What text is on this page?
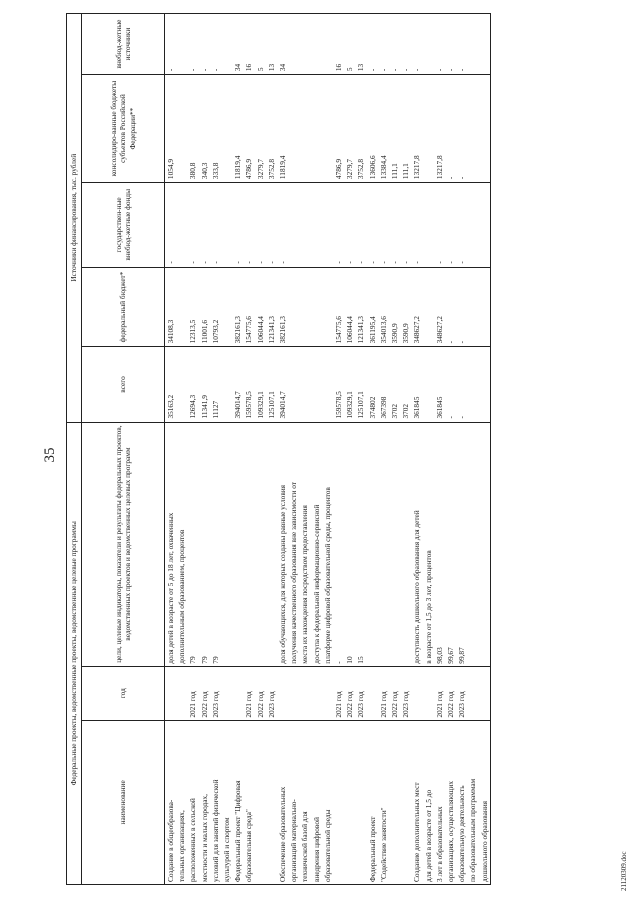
35
Федеральные проекты, ведомственные проекты, ведомственные целевые программы			Источники финансирования, тыс. рублей				
наименование	год	цели, целевые индикаторы, показатели и результаты федеральных проектов, ведомственных проектов и ведомственных целевых программ	всего	федеральный бюджет*	государствен-ные внебюд-жетные фонды	консолидиро-ванные бюджеты субъектов Российской Федерации**	внебюд-жетные источники
Создание в общеобразова-		доля детей в возрасте от 5 до 18 лет, охваченных	35163,2	34108,3	-	1054,9	-
тельных организациях,		дополнительным образованием, процентов					
расположенных в сельской	2021 год	79	12694,3	12313,5	-	380,8	-
местности и малых городах,	2022 год	79	11341,9	11001,6	-	340,3	-
условий для занятий физической	2023 год	79	11127	10793,2	-	333,8	-
культурой и спортом							
Федеральный проект "Цифровая			394014,7	382161,3	-	11819,4	34
образовательная среда"	2021 год		159578,5	154775,6	-	4786,9	16
	2022 год		109329,1	106044,4	-	3279,7	5
	2023 год		125107,1	121341,3	-	3752,8	13
Обеспечение образовательных		доля обучающихся, для которых созданы равные условия	394014,7	382161,3	-	11819,4	34
организаций материально-		получения качественного образования вне зависимости от					
технической базой для		места их нахождения посредством предоставления					
внедрения цифровой		доступа к федеральной информационно-сервисной					
образовательной среды		платформе цифровой образовательной среды, процентов					
	2021 год	-	159578,5	154775,6	-	4786,9	16
	2022 год	10	109329,1	106044,4	-	3279,7	5
	2023 год	15	125107,1	121341,3	-	3752,8	13
Федеральный проект			374802	361195,4	-	13606,6	-
"Содействие занятости"	2021 год		367398	354013,6	-	13384,4	-
	2022 год		3702	3590,9	-	111,1	-
	2023 год		3702	3590,9	-	111,1	-
Создание дополнительных мест		доступность дошкольного образования для детей	361845	348627,2	-	13217,8	-
для детей в возрасте от 1,5 до		в возрасте от 1,5 до 3 лет, процентов					
3 лет в образовательных	2021 год	98,03	361845	348627,2	-	13217,8	-
организациях, осуществляющих	2022 год	99,67	-	-	-	-	-
образовательную деятельность	2023 год	99,87	-	-	-	-	-
по образовательным программам							
дошкольного образования								21120309.doc
